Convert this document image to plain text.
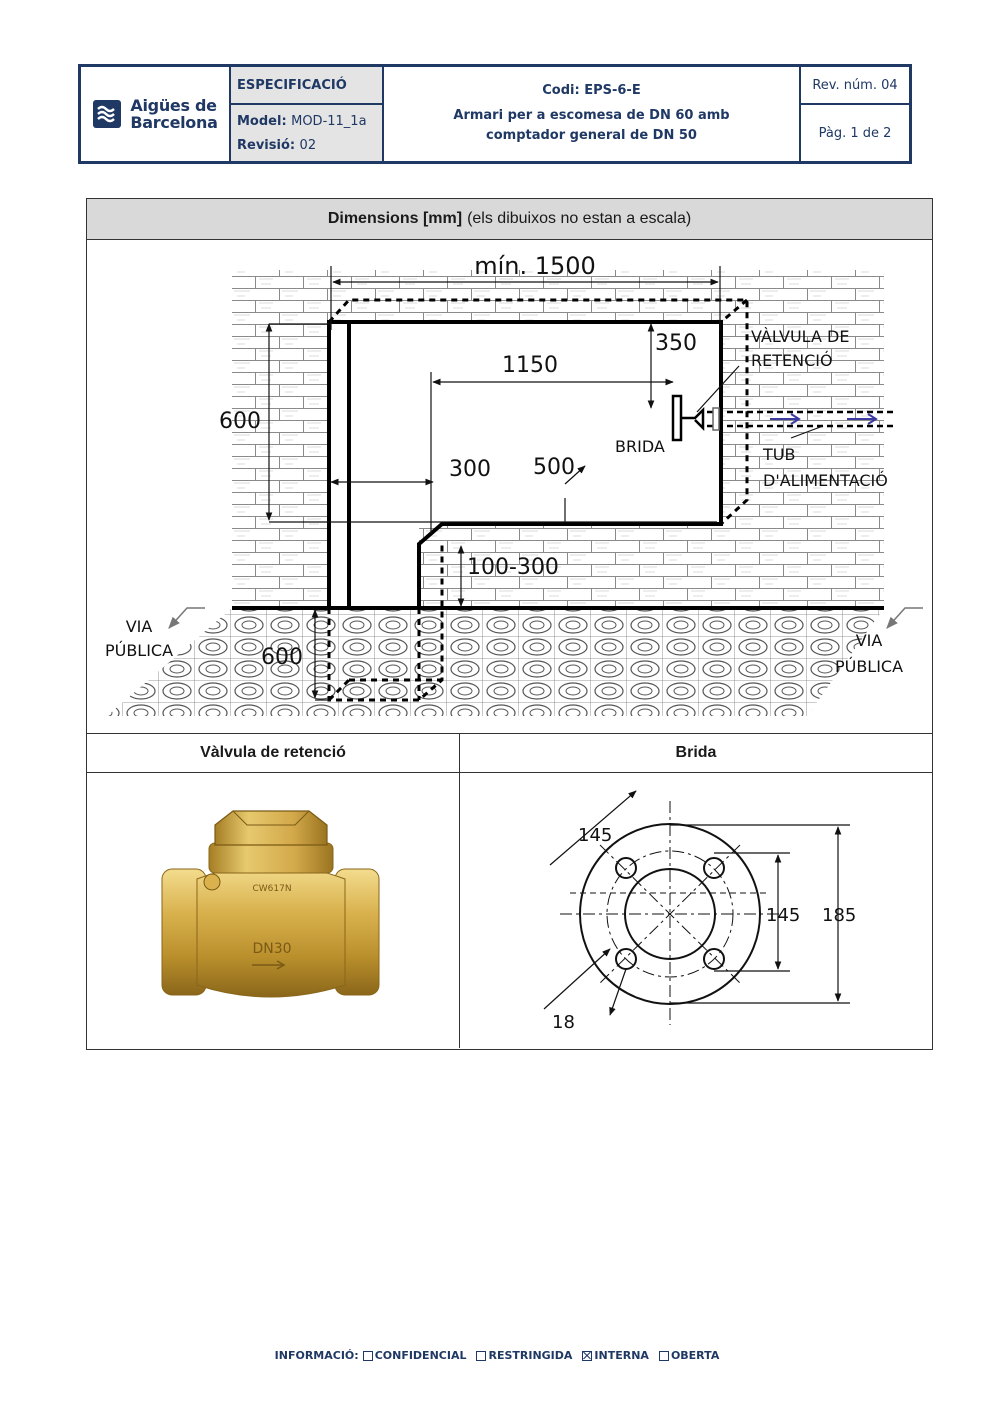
Aigües de
Barcelona
ESPECIFICACIÓ
Model: MOD-11_1a
Revisió: 02
Codi: EPS-6-E
Armari per a escomesa de DN 60 amb
comptador general de DN 50
Rev. núm. 04
Pàg. 1 de 2
Dimensions [mm] (els dibuixos no estan a escala)
mín. 1500
350
1150
600
300 500
100-300
600
VÀLVULA DE
RETENCIÓ
BRIDA	TUB
D'ALIMENTACIÓ
VIA
PÚBLICA
VIA
PÚBLICA
Vàlvula de retenció	Brida
CW617N
DN30
145
145 185
18
INFORMACIÓ: CONFIDENCIAL RESTRINGIDA INTERNA OBERTA
